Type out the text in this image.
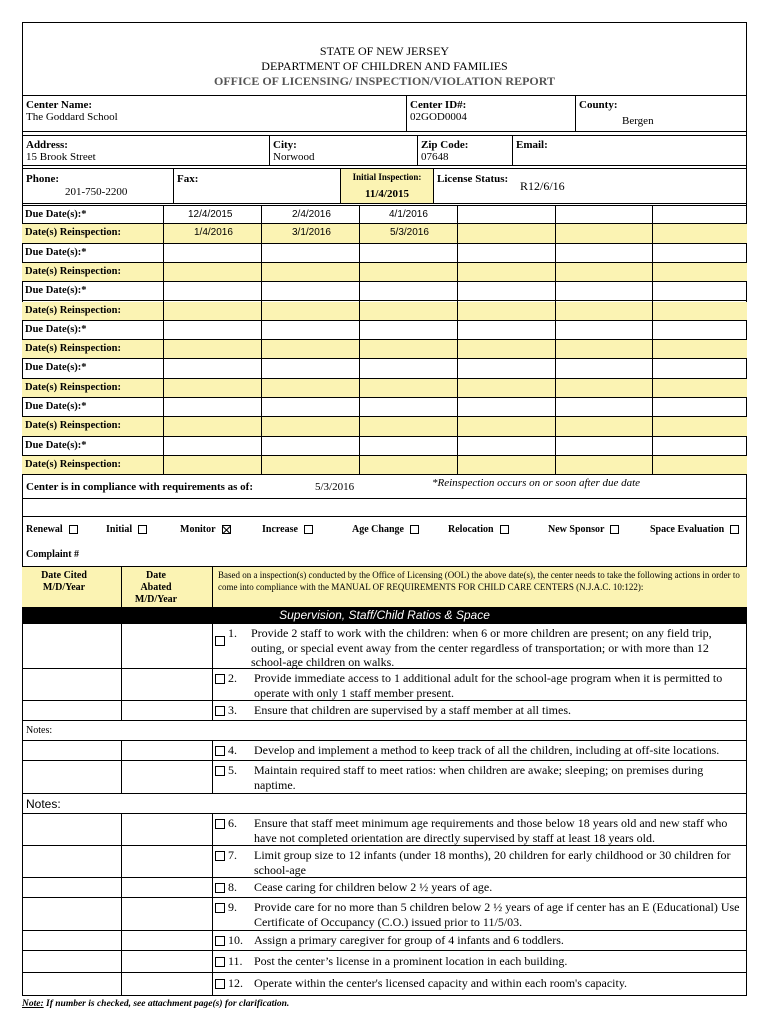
STATE OF NEW JERSEY
DEPARTMENT OF CHILDREN AND FAMILIES
OFFICE OF LICENSING/ INSPECTION/VIOLATION REPORT
Center Name:
The Goddard School
Center ID#:
02GOD0004
County:
Bergen
Address:
15 Brook Street
City:
Norwood
Zip Code:
07648
Email:
Phone:
201-750-2200
Fax:	Initial Inspection:
11/4/2015
License Status: R12/6/16
Due Date(s):*	12/4/2015	2/4/2016	4/1/2016
Date(s) Reinspection:	1/4/2016	3/1/2016	5/3/2016
Due Date(s):*
Date(s) Reinspection:
Due Date(s):*
Date(s) Reinspection:
Due Date(s):*
Date(s) Reinspection:
Due Date(s):*
Date(s) Reinspection:
Due Date(s):*
Date(s) Reinspection:
Due Date(s):*
Date(s) Reinspection:
Center is in compliance with requirements as of:	5/3/2016	*Reinspection occurs on or soon after due date
Renewal	Initial	Monitor	Increase	Age Change	Relocation	New Sponsor	Space Evaluation
Complaint #
Date Cited M/D/Year
Date Abated M/D/Year
Based on a inspection(s) conducted by the Office of Licensing (OOL) the above date(s), the center needs to take the following actions in order to come into compliance with the MANUAL OF REQUIREMENTS FOR CHILD CARE CENTERS (N.J.A.C. 10:122):
Supervision, Staff/Child Ratios & Space
1. Provide 2 staff to work with the children: when 6 or more children are present; on any field trip, outing, or special event away from the center regardless of transportation; or with more than 12 school-age children on walks.
2. Provide immediate access to 1 additional adult for the school-age program when it is permitted to operate with only 1 staff member present.
3. Ensure that children are supervised by a staff member at all times.
Notes:
4. Develop and implement a method to keep track of all the children, including at off-site locations.
5. Maintain required staff to meet ratios: when children are awake; sleeping; on premises during naptime.
Notes:
6. Ensure that staff meet minimum age requirements and those below 18 years old and new staff who have not completed orientation are directly supervised by staff at least 18 years old.
7. Limit group size to 12 infants (under 18 months), 20 children for early childhood or 30 children for school-age
8. Cease caring for children below 2 ½ years of age.
9. Provide care for no more than 5 children below 2 ½ years of age if center has an E (Educational) Use Certificate of Occupancy (C.O.) issued prior to 11/5/03.
10. Assign a primary caregiver for group of 4 infants and 6 toddlers.
11. Post the center’s license in a prominent location in each building.
12. Operate within the center's licensed capacity and within each room's capacity.
Note: If number is checked, see attachment page(s) for clarification.
